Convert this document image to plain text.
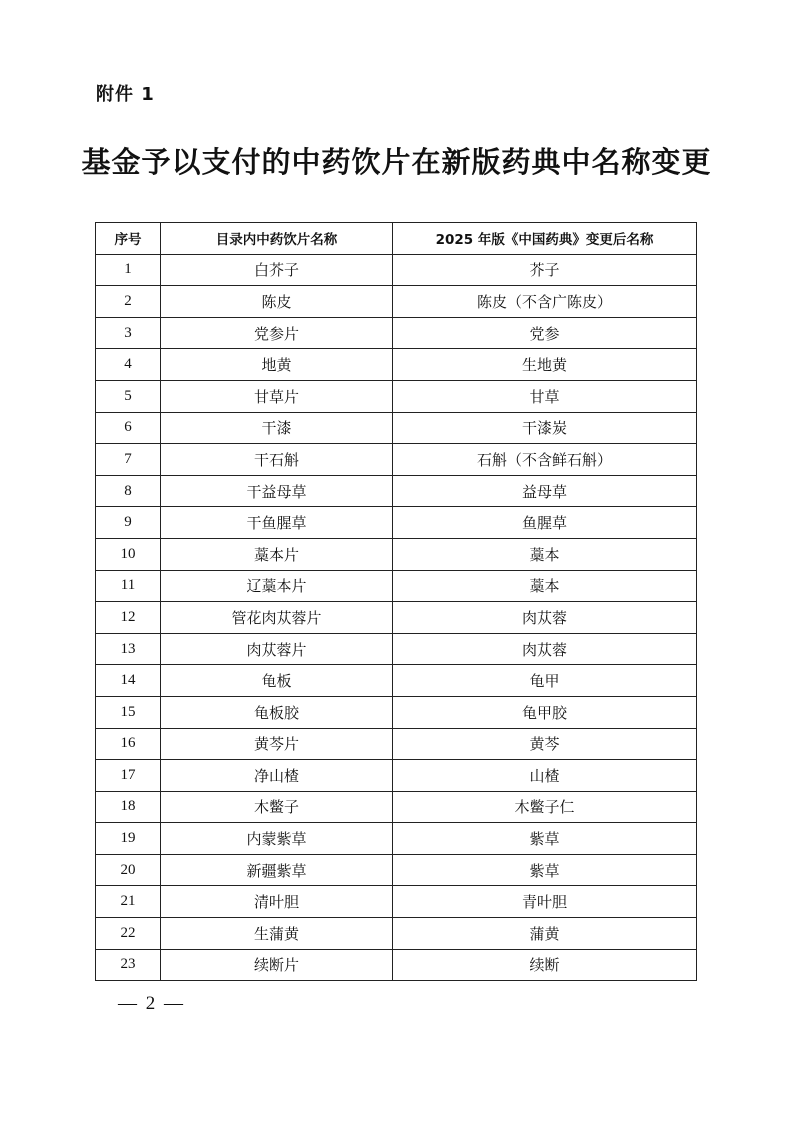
附件 1
基金予以支付的中药饮片在新版药典中名称变更
序号	目录内中药饮片名称	2025 年版《中国药典》变更后名称
1	白芥子	芥子
2	陈皮	陈皮（不含广陈皮）
3	党参片	党参
4	地黄	生地黄
5	甘草片	甘草
6	干漆	干漆炭
7	干石斛	石斛（不含鲜石斛）
8	干益母草	益母草
9	干鱼腥草	鱼腥草
10	藁本片	藁本
11	辽藁本片	藁本
12	管花肉苁蓉片	肉苁蓉
13	肉苁蓉片	肉苁蓉
14	龟板	龟甲
15	龟板胶	龟甲胶
16	黄芩片	黄芩
17	净山楂	山楂
18	木鳖子	木鳖子仁
19	内蒙紫草	紫草
20	新疆紫草	紫草
21	清叶胆	青叶胆
22	生蒲黄	蒲黄
23	续断片	续断
— 2 —
